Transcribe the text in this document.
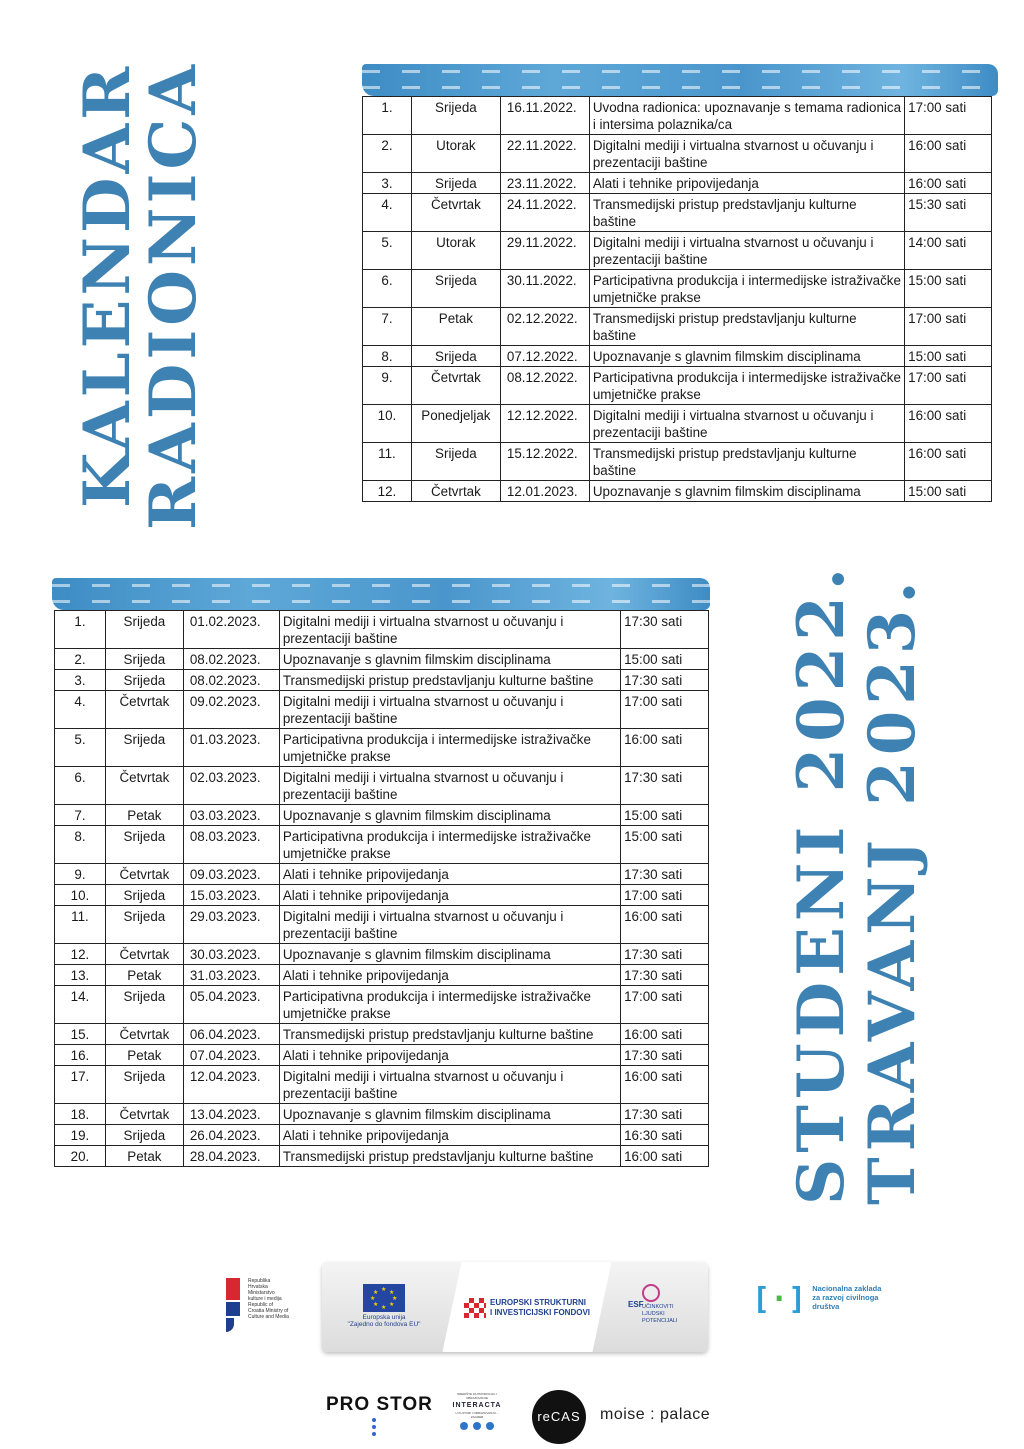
KALENDAR
RADIONICA
STUDENI 2022.
TRAVANJ 2023.
1.	Srijeda	16.11.2022.	Uvodna radionica: upoznavanje s temama radionica i intersima polaznika/ca	17:00 sati
2.	Utorak	22.11.2022.	Digitalni mediji i virtualna stvarnost u očuvanju i prezentaciji baštine	16:00 sati
3.	Srijeda	23.11.2022.	Alati i tehnike pripovijedanja	16:00 sati
4.	Četvrtak	24.11.2022.	Transmedijski pristup predstavljanju kulturne baštine	15:30 sati
5.	Utorak	29.11.2022.	Digitalni mediji i virtualna stvarnost u očuvanju i prezentaciji baštine	14:00 sati
6.	Srijeda	30.11.2022.	Participativna produkcija i intermedijske istraživačke umjetničke prakse	15:00 sati
7.	Petak	02.12.2022.	Transmedijski pristup predstavljanju kulturne baštine	17:00 sati
8.	Srijeda	07.12.2022.	Upoznavanje s glavnim filmskim disciplinama	15:00 sati
9.	Četvrtak	08.12.2022.	Participativna produkcija i intermedijske istraživačke umjetničke prakse	17:00 sati
10.	Ponedjeljak	12.12.2022.	Digitalni mediji i virtualna stvarnost u očuvanju i prezentaciji baštine	16:00 sati
11.	Srijeda	15.12.2022.	Transmedijski pristup predstavljanju kulturne baštine	16:00 sati
12.	Četvrtak	12.01.2023.	Upoznavanje s glavnim filmskim disciplinama	15:00 sati
1.	Srijeda	01.02.2023.	Digitalni mediji i virtualna stvarnost u očuvanju i prezentaciji baštine	17:30 sati
2.	Srijeda	08.02.2023.	Upoznavanje s glavnim filmskim disciplinama	15:00 sati
3.	Srijeda	08.02.2023.	Transmedijski pristup predstavljanju kulturne baštine	17:30 sati
4.	Četvrtak	09.02.2023.	Digitalni mediji i virtualna stvarnost u očuvanju i prezentaciji baštine	17:00 sati
5.	Srijeda	01.03.2023.	Participativna produkcija i intermedijske istraživačke umjetničke prakse	16:00 sati
6.	Četvrtak	02.03.2023.	Digitalni mediji i virtualna stvarnost u očuvanju i prezentaciji baštine	17:30 sati
7.	Petak	03.03.2023.	Upoznavanje s glavnim filmskim disciplinama	15:00 sati
8.	Srijeda	08.03.2023.	Participativna produkcija i intermedijske istraživačke umjetničke prakse	15:00 sati
9.	Četvrtak	09.03.2023.	Alati i tehnike pripovijedanja	17:30 sati
10.	Srijeda	15.03.2023.	Alati i tehnike pripovijedanja	17:00 sati
11.	Srijeda	29.03.2023.	Digitalni mediji i virtualna stvarnost u očuvanju i prezentaciji baštine	16:00 sati
12.	Četvrtak	30.03.2023.	Upoznavanje s glavnim filmskim disciplinama	17:30 sati
13.	Petak	31.03.2023.	Alati i tehnike pripovijedanja	17:30 sati
14.	Srijeda	05.04.2023.	Participativna produkcija i intermedijske istraživačke umjetničke prakse	17:00 sati
15.	Četvrtak	06.04.2023.	Transmedijski pristup predstavljanju kulturne baštine	16:00 sati
16.	Petak	07.04.2023.	Alati i tehnike pripovijedanja	17:30 sati
17.	Srijeda	12.04.2023.	Digitalni mediji i virtualna stvarnost u očuvanju i prezentaciji baštine	16:00 sati
18.	Četvrtak	13.04.2023.	Upoznavanje s glavnim filmskim disciplinama	17:30 sati
19.	Srijeda	26.04.2023.	Alati i tehnike pripovijedanja	16:30 sati
20.	Petak	28.04.2023.	Transmedijski pristup predstavljanju kulturne baštine	16:00 sati
Republika Hrvatska Ministarstvo kulture i medija Republic of Croatia Ministry of Culture and Media
★ ★
★
★
★
★
★
★
Europska unija
"Zajedno do fondova EU"
EUROPSKI STRUKTURNI
I INVESTICIJSKI FONDOVI
ESF
UČINKOVITI LJUDSKI POTENCIJALI
[·] Nacionalna zaklada za razvoj civilnoga društva
PRO STOR	SREDIŠTE ZA PROMOCIJU I OBRAZOVANJE
INTERACTA
U KULTURI I OBRAZOVANJU – ZAGREB	reCAS	moise : palace
